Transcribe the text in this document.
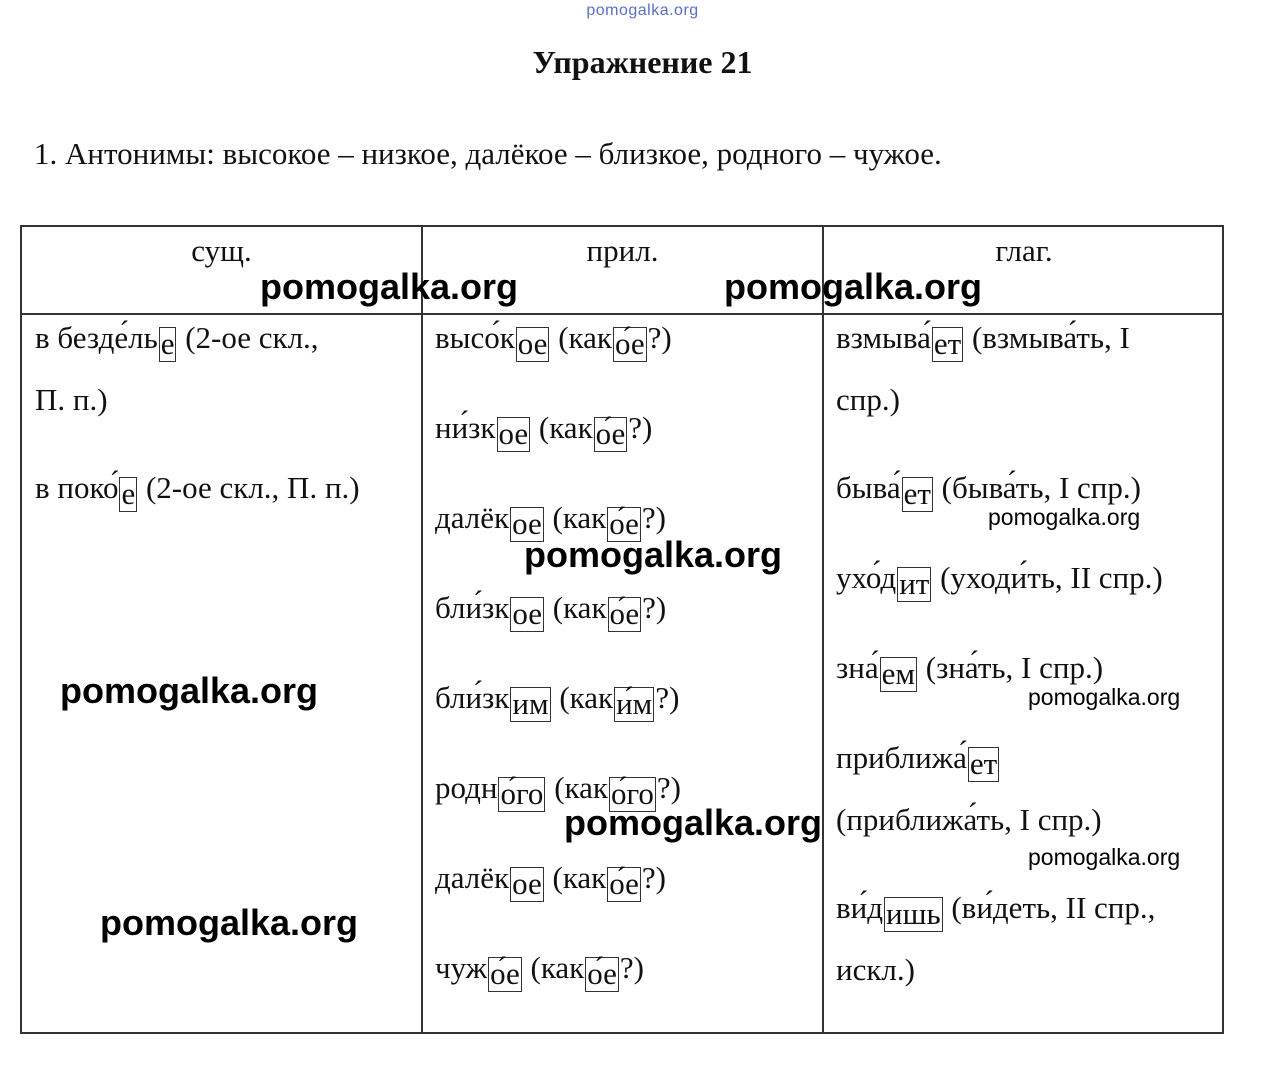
pomogalka.org
Упражнение 21
1. Антонимы: высокое – низкое, далёкое – близкое, родного – чужое.
сущ.	прил.	глаг.
в безде́лье (2-ое скл.,
П. п.)
в поко́е (2-ое скл., П. п.)
высо́кое (како́е?)
ни́зкое (како́е?)
далёкое (како́е?)
бли́зкое (како́е?)
бли́зким (каки́м?)
родно́го (како́го?)
далёкое (како́е?)
чужо́е (како́е?)
взмыва́ет (взмыва́ть, I
спр.)
быва́ет (быва́ть, I спр.)
ухо́дит (уходи́ть, II спр.)
зна́ем (зна́ть, I спр.)
приближа́ет
(приближа́ть, I спр.)
ви́дишь (ви́деть, II спр.,
искл.)
pomogalka.org	pomogalka.org
pomogalka.org
pomogalka.org
pomogalka.org
pomogalka.org
pomogalka.org
pomogalka.org
pomogalka.org
